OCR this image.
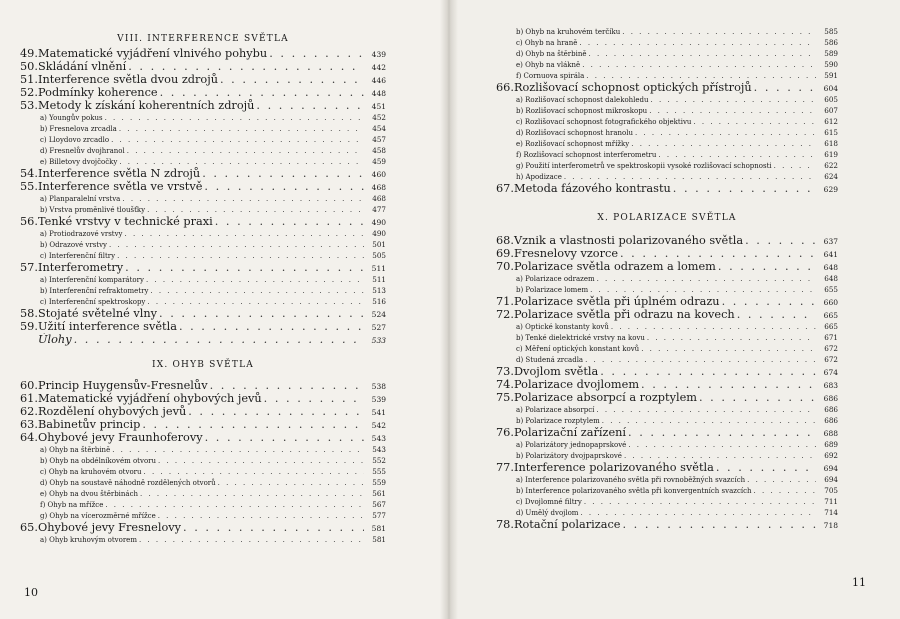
VIII. INTERFERENCE SVĚTLA
49. Matematické vyjádření vlnivého pohybu . . .	439
50. Skládání vlnění . . .	442
51. Interference světla dvou zdrojů . . .	446
52. Podmínky koherence . . .	448
53. Metody k získání koherentních zdrojů . . .	451
a) Youngův pokus . . .	452
b) Fresnelova zrcadla . . .	454
c) Lloydovo zrcadlo . . .	457
d) Fresnelův dvojhranol . . .	458
e) Billetovy dvojčočky . . .	459
54. Interference světla N zdrojů . . .	460
55. Interference světla ve vrstvě . . .	468
a) Planparalelní vrstva . . .	468
b) Vrstva proměnlivé tloušťky . . .	477
56. Tenké vrstvy v technické praxi . . .	490
a) Protiodrazové vrstvy . . .	490
b) Odrazové vrstvy . . .	501
c) Interferenční filtry . . .	505
57. Interferometry . . .	511
a) Interferenční komparátory . . .	511
b) Interferenční refraktometry . . .	513
c) Interferenční spektroskopy . . .	516
58. Stojaté světelné vlny . . .	524
59. Užití interference světla . . .	527
Úlohy . . .	533
IX. OHYB SVĚTLA
60. Princip Huygensův-Fresnelův . . .	538
61. Matematické vyjádření ohybových jevů . . .	539
62. Rozdělení ohybových jevů . . .	541
63. Babinetův princip . . .	542
64. Ohybové jevy Fraunhoferovy . . .	543
a) Ohyb na štěrbině . . .	543
b) Ohyb na obdélníkovém otvoru . . .	552
c) Ohyb na kruhovém otvoru . . .	555
d) Ohyb na soustavě náhodně rozdělených otvorů . . .	559
e) Ohyb na dvou štěrbinách . . .	561
f) Ohyb na mřížce . . .	567
g) Ohyb na vícerozměrné mřížce . . .	577
65. Ohybové jevy Fresnelovy . . .	581
a) Ohyb kruhovým otvorem . . .	581
10
11
b) Ohyb na kruhovém terčíku . . .	585
c) Ohyb na hraně . . .	586
d) Ohyb na štěrbině . . .	589
e) Ohyb na vlákně . . .	590
f) Cornuova spirála . . .	591
66. Rozlišovací schopnost optických přístrojů . . .	604
a) Rozlišovací schopnost dalekohledu . . .	605
b) Rozlišovací schopnost mikroskopu . . .	607
c) Rozlišovací schopnost fotografického objektivu . . .	612
d) Rozlišovací schopnost hranolu . . .	615
e) Rozlišovací schopnost mřížky . . .	618
f) Rozlišovací schopnost interferometru . . .	619
g) Použití interferometrů ve spektroskopii vysoké rozlišovací schopnosti . . .	622
h) Apodizace . . .	624
67. Metoda fázového kontrastu . . .	629
X. POLARIZACE SVĚTLA
68. Vznik a vlastnosti polarizovaného světla . . .	637
69. Fresnelovy vzorce . . .	641
70. Polarizace světla odrazem a lomem . . .	648
a) Polarizace odrazem . . .	648
b) Polarizace lomem . . .	655
71. Polarizace světla při úplném odrazu . . .	660
72. Polarizace světla při odrazu na kovech . . .	665
a) Optické konstanty kovů . . .	665
b) Tenké dielektrické vrstvy na kovu . . .	671
c) Měření optických konstant kovů . . .	672
d) Studená zrcadla . . .	672
73. Dvojlom světla . . .	674
74. Polarizace dvojlomem . . .	683
75. Polarizace absorpcí a rozptylem . . .	686
a) Polarizace absorpcí . . .	686
b) Polarizace rozptylem . . .	686
76. Polarizační zařízení . . .	688
a) Polarizátory jednopaprskové . . .	689
b) Polarizátory dvojpaprskové . . .	692
77. Interference polarizovaného světla . . .	694
a) Interference polarizovaného světla při rovnoběžných svazcích . . .	694
b) Interference polarizovaného světla při konvergentních svazcích . . .	705
c) Dvojlomné filtry . . .	711
d) Umělý dvojlom . . .	714
78. Rotační polarizace . . .	718
